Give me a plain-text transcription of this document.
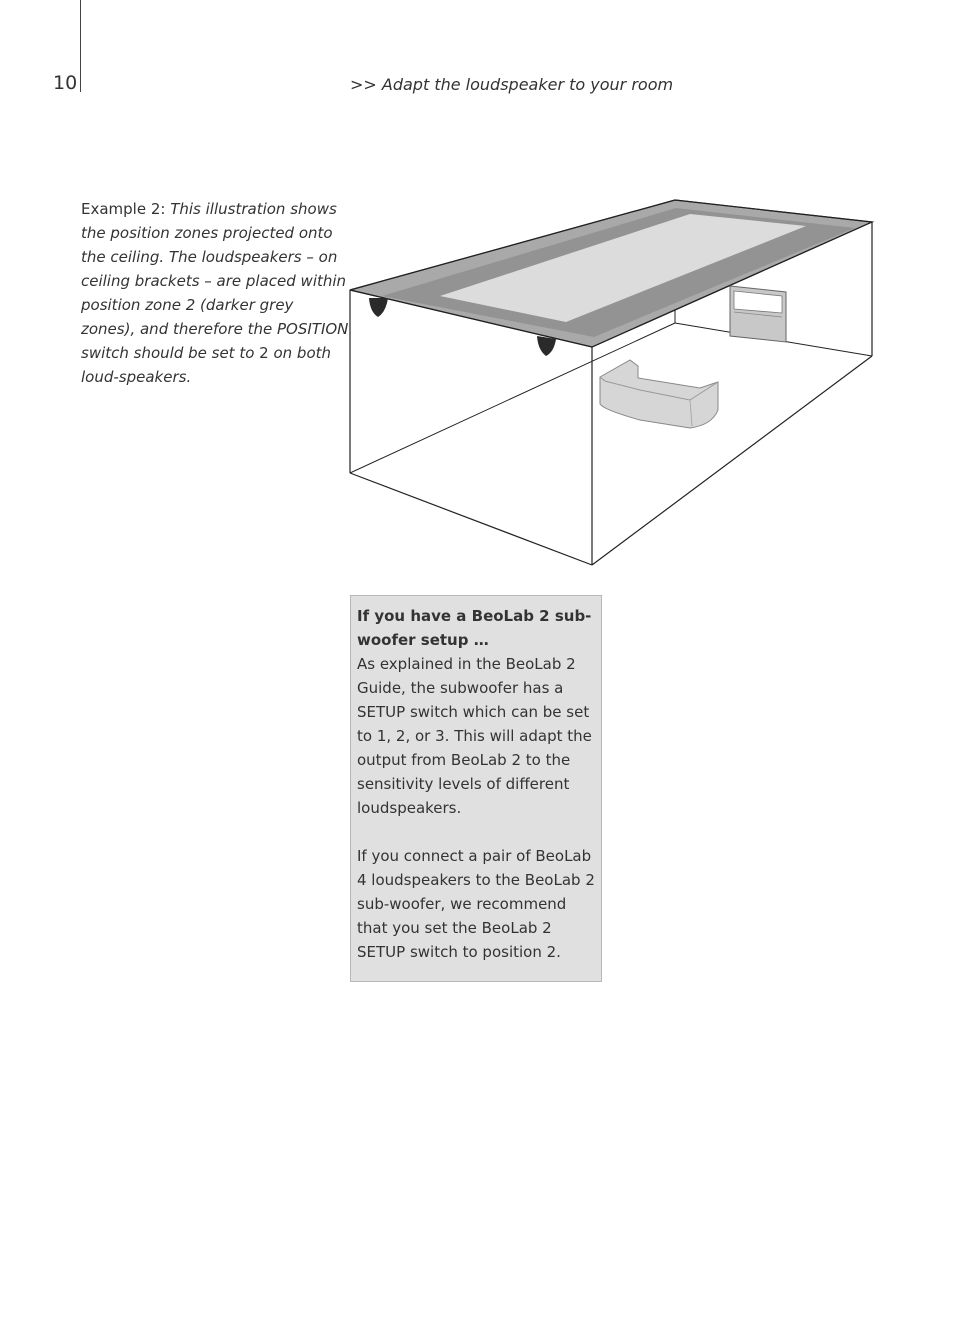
10	>> Adapt the loudspeaker to your room
Example 2: This illustration shows the position zones projected onto the ceiling. The loudspeakers – on ceiling brackets – are placed within position zone 2 (darker grey zones), and therefore the POSITION switch should be set to 2 on both loud-speakers.
If you have a BeoLab 2 sub-woofer setup …

As explained in the BeoLab 2 Guide, the subwoofer has a SETUP switch which can be set to 1, 2, or 3. This will adapt the output from BeoLab 2 to the sensitivity levels of different loudspeakers.

If you connect a pair of BeoLab 4 loudspeakers to the BeoLab 2 sub-woofer, we recommend that you set the BeoLab 2 SETUP switch to position 2.
